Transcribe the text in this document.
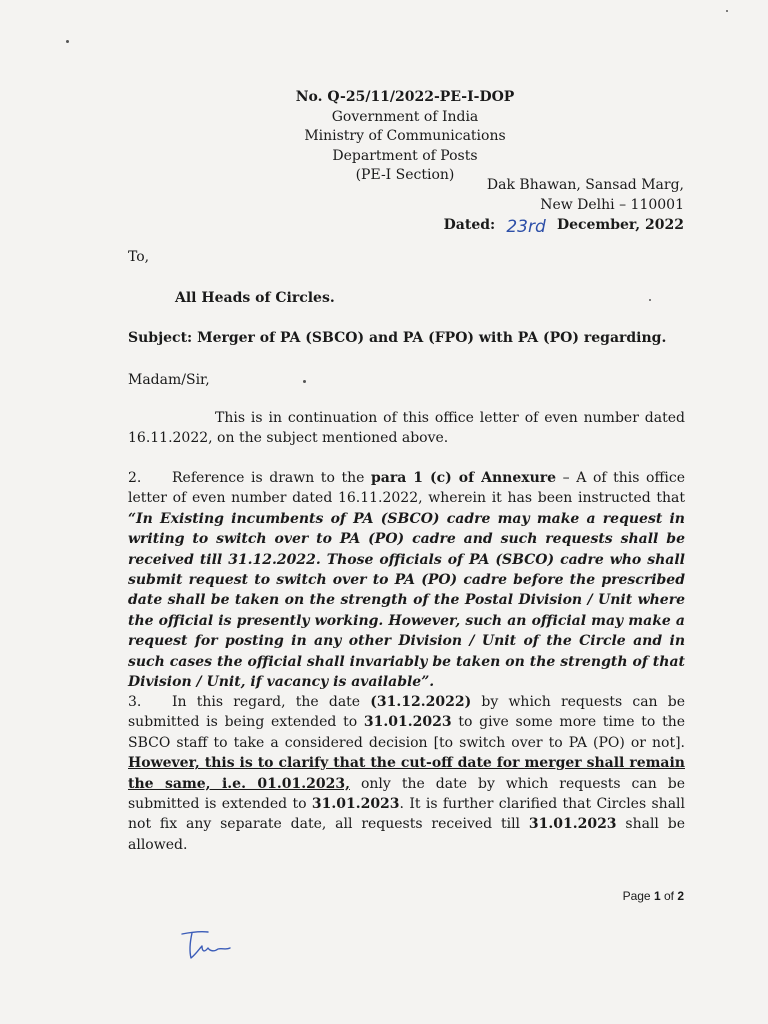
No. Q-25/11/2022-PE-I-DOP
Government of India
Ministry of Communications
Department of Posts
(PE-I Section)
Dak Bhawan, Sansad Marg,
New Delhi – 110001
Dated: 23rd December, 2022
To,
All Heads of Circles.
Subject: Merger of PA (SBCO) and PA (FPO) with PA (PO) regarding.
Madam/Sir,
This is in continuation of this office letter of even number dated 16.11.2022, on the subject mentioned above.
2. Reference is drawn to the para 1 (c) of Annexure – A of this office letter of even number dated 16.11.2022, wherein it has been instructed that “In Existing incumbents of PA (SBCO) cadre may make a request in writing to switch over to PA (PO) cadre and such requests shall be received till 31.12.2022. Those officials of PA (SBCO) cadre who shall submit request to switch over to PA (PO) cadre before the prescribed date shall be taken on the strength of the Postal Division / Unit where the official is presently working. However, such an official may make a request for posting in any other Division / Unit of the Circle and in such cases the official shall invariably be taken on the strength of that Division / Unit, if vacancy is available”.
3. In this regard, the date (31.12.2022) by which requests can be submitted is being extended to 31.01.2023 to give some more time to the SBCO staff to take a considered decision [to switch over to PA (PO) or not]. However, this is to clarify that the cut-off date for merger shall remain the same, i.e. 01.01.2023, only the date by which requests can be submitted is extended to 31.01.2023. It is further clarified that Circles shall not fix any separate date, all requests received till 31.01.2023 shall be allowed.
Page 1 of 2
